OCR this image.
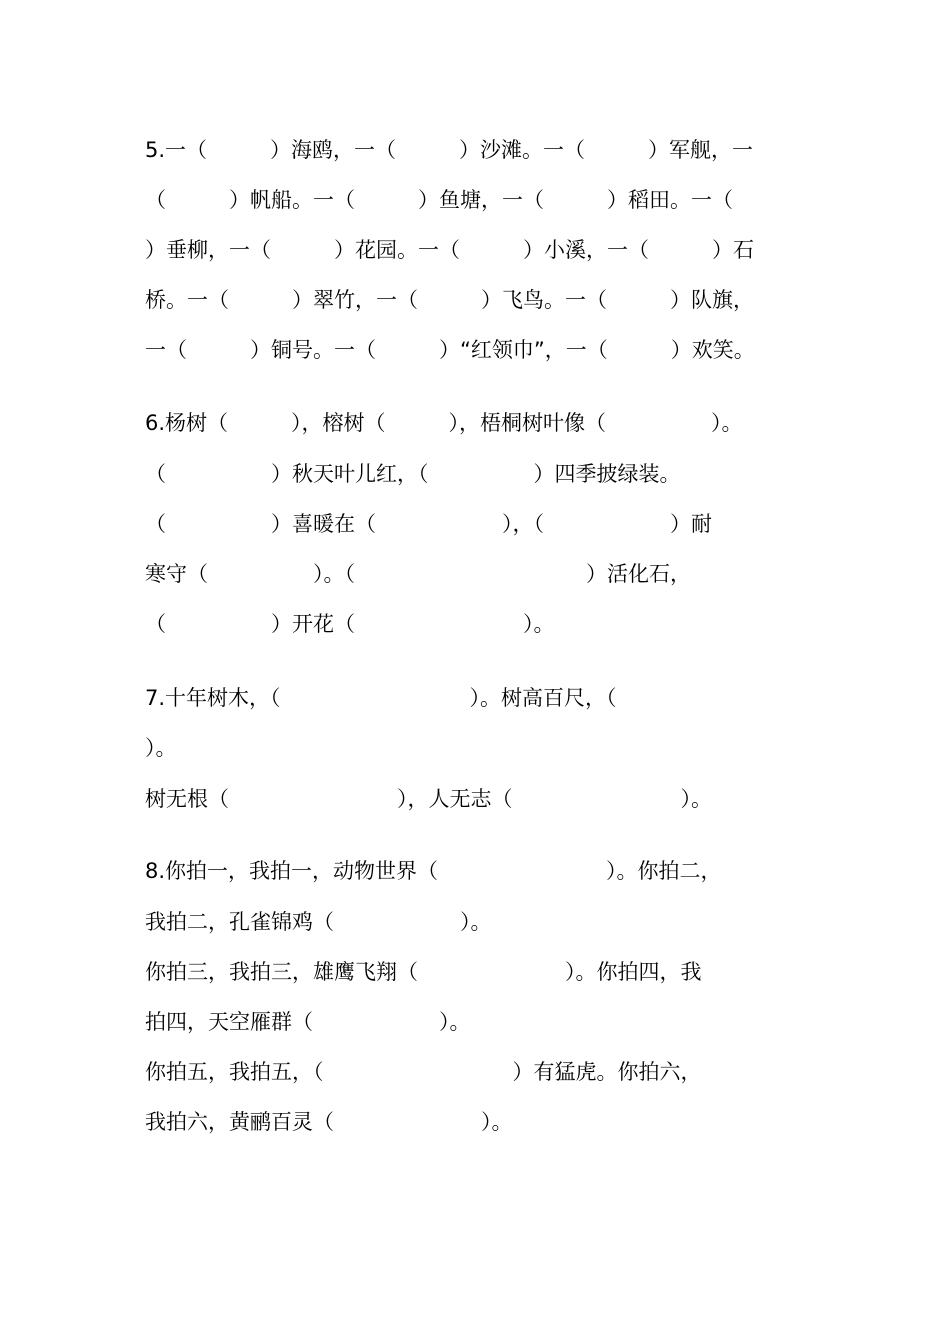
5.一（　　　）海鸥，一（　　　）沙滩。一（　　　）军舰，一
（　　　）帆船。一（　　　）鱼塘，一（　　　）稻田。一（
）垂柳，一（　　　）花园。一（　　　）小溪，一（　　　）石
桥。一（　　　）翠竹，一（　　　）飞鸟。一（　　　）队旗，
一（　　　）铜号。一（　　　）“红领巾”，一（　　　）欢笑。
6.杨树（　　　），榕树（　　　），梧桐树叶像（　　　　　）。
（　　　　　）秋天叶儿红，（　　　　　）四季披绿装。
（　　　　　）喜暖在（　　　　　　），（　　　　　　）耐
寒守（　　　　　）。（　　　　　　　　　　　）活化石，
（　　　　　）开花（　　　　　　　　）。
7.十年树木，（　　　　　　　　　）。树高百尺，（
）。
树无根（　　　　　　　　），人无志（　　　　　　　　）。
8.你拍一，我拍一，动物世界（　　　　　　　　）。你拍二，
我拍二，孔雀锦鸡（　　　　　　）。
你拍三，我拍三，雄鹰飞翔（　　　　　　　）。你拍四，我
拍四，天空雁群（　　　　　　）。
你拍五，我拍五，（　　　　　　　　　）有猛虎。你拍六，
我拍六，黄鹂百灵（　　　　　　　）。
